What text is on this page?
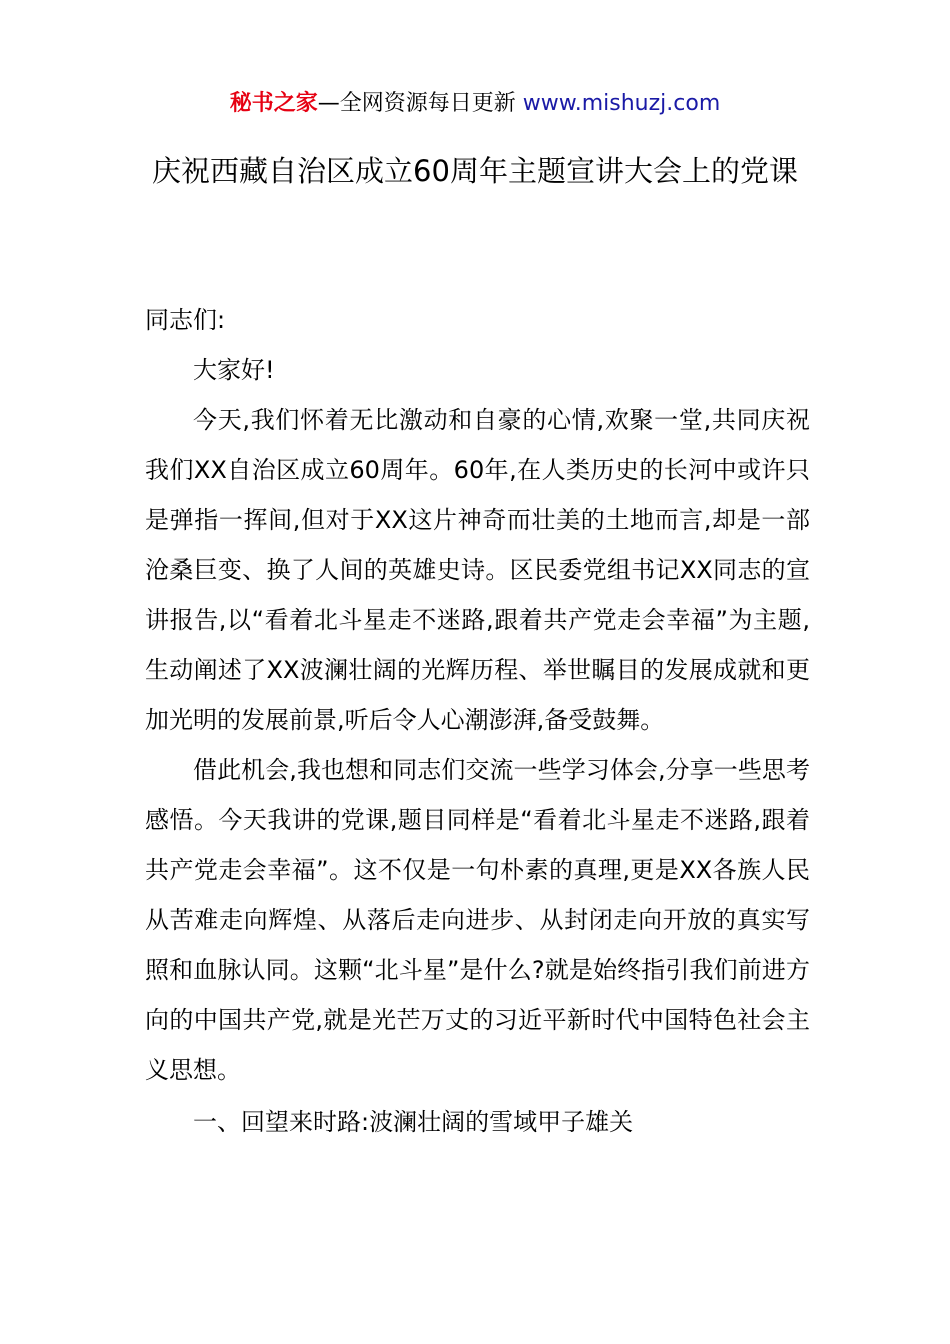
秘书之家—全网资源每日更新 www.mishuzj.com
庆祝西藏自治区成立60周年主题宣讲大会上的党课

同志们:

大家好!

今天,我们怀着无比激动和自豪的心情,欢聚一堂,共同庆祝我们XX自治区成立60周年。60年,在人类历史的长河中或许只是弹指一挥间,但对于XX这片神奇而壮美的土地而言,却是一部沧桑巨变、换了人间的英雄史诗。区民委党组书记XX同志的宣讲报告,以“看着北斗星走不迷路,跟着共产党走会幸福”为主题,生动阐述了XX波澜壮阔的光辉历程、举世瞩目的发展成就和更加光明的发展前景,听后令人心潮澎湃,备受鼓舞。

借此机会,我也想和同志们交流一些学习体会,分享一些思考感悟。今天我讲的党课,题目同样是“看着北斗星走不迷路,跟着共产党走会幸福”。这不仅是一句朴素的真理,更是XX各族人民从苦难走向辉煌、从落后走向进步、从封闭走向开放的真实写照和血脉认同。这颗“北斗星”是什么?就是始终指引我们前进方向的中国共产党,就是光芒万丈的习近平新时代中国特色社会主义思想。

一、回望来时路:波澜壮阔的雪域甲子雄关
